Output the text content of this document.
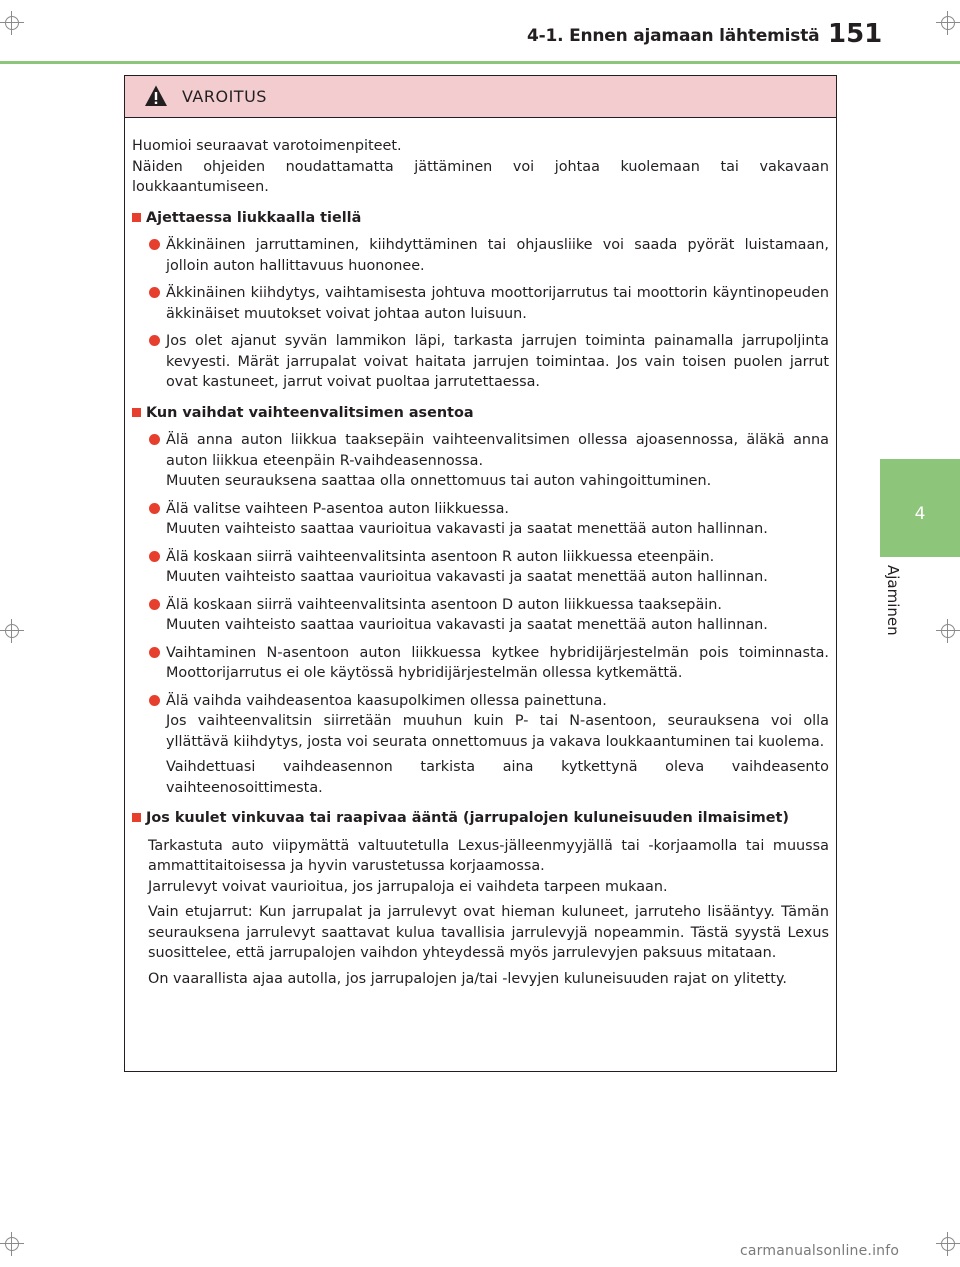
4-1. Ennen ajamaan lähtemistä 151
4
Ajaminen
VAROITUS

Huomioi seuraavat varotoimenpiteet.
Näiden ohjeiden noudattamatta jättäminen voi johtaa kuolemaan tai vakavaan loukkaantumiseen.

Ajettaessa liukkaalla tiellä

Äkkinäinen jarruttaminen, kiihdyttäminen tai ohjausliike voi saada pyörät luistamaan, jolloin auton hallittavuus huononee.

Äkkinäinen kiihdytys, vaihtamisesta johtuva moottorijarrutus tai moottorin käyntinopeuden äkkinäiset muutokset voivat johtaa auton luisuun.

Jos olet ajanut syvän lammikon läpi, tarkasta jarrujen toiminta painamalla jarrupoljinta kevyesti. Märät jarrupalat voivat haitata jarrujen toimintaa. Jos vain toisen puolen jarrut ovat kastuneet, jarrut voivat puoltaa jarrutettaessa.

Kun vaihdat vaihteenvalitsimen asentoa

Älä anna auton liikkua taaksepäin vaihteenvalitsimen ollessa ajoasennossa, äläkä anna auton liikkua eteenpäin R-vaihdeasennossa.
Muuten seurauksena saattaa olla onnettomuus tai auton vahingoittuminen.

Älä valitse vaihteen P-asentoa auton liikkuessa.
Muuten vaihteisto saattaa vaurioitua vakavasti ja saatat menettää auton hallinnan.

Älä koskaan siirrä vaihteenvalitsinta asentoon R auton liikkuessa eteenpäin.
Muuten vaihteisto saattaa vaurioitua vakavasti ja saatat menettää auton hallinnan.

Älä koskaan siirrä vaihteenvalitsinta asentoon D auton liikkuessa taaksepäin.
Muuten vaihteisto saattaa vaurioitua vakavasti ja saatat menettää auton hallinnan.

Vaihtaminen N-asentoon auton liikkuessa kytkee hybridijärjestelmän pois toiminnasta. Moottorijarrutus ei ole käytössä hybridijärjestelmän ollessa kytkemättä.

Älä vaihda vaihdeasentoa kaasupolkimen ollessa painettuna.
Jos vaihteenvalitsin siirretään muuhun kuin P- tai N-asentoon, seurauksena voi olla yllättävä kiihdytys, josta voi seurata onnettomuus ja vakava loukkaantuminen tai kuolema.

Vaihdettuasi vaihdeasennon tarkista aina kytkettynä oleva vaihdeasento vaihteenosoittimesta.

Jos kuulet vinkuvaa tai raapivaa ääntä (jarrupalojen kuluneisuuden ilmaisimet)

Tarkastuta auto viipymättä valtuutetulla Lexus-jälleenmyyjällä tai -korjaamolla tai muussa ammattitaitoisessa ja hyvin varustetussa korjaamossa.
Jarrulevyt voivat vaurioitua, jos jarrupaloja ei vaihdeta tarpeen mukaan.

Vain etujarrut: Kun jarrupalat ja jarrulevyt ovat hieman kuluneet, jarruteho lisääntyy. Tämän seurauksena jarrulevyt saattavat kulua tavallisia jarrulevyjä nopeammin. Tästä syystä Lexus suosittelee, että jarrupalojen vaihdon yhteydessä myös jarrulevyjen paksuus mitataan.

On vaarallista ajaa autolla, jos jarrupalojen ja/tai -levyjen kuluneisuuden rajat on ylitetty.

carmanualsonline.info
